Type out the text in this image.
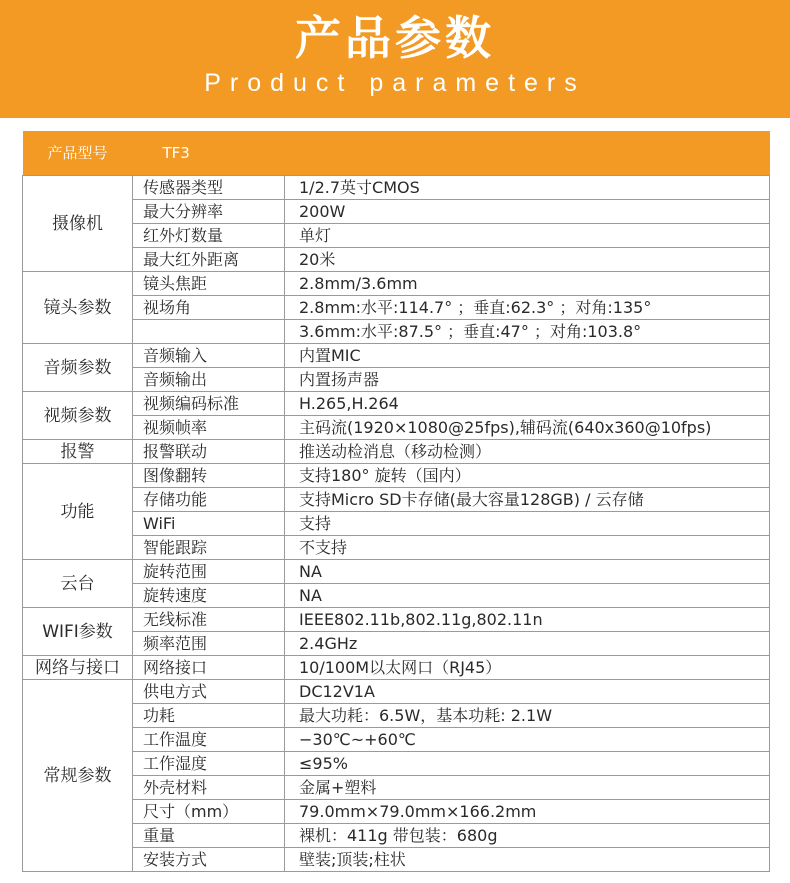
产品参数
Product parameters
产品型号	TF3	
摄像机	传感器类型	1/2.7英寸CMOS
	最大分辨率	200W
	红外灯数量	单灯
	最大红外距离	20米
镜头参数	镜头焦距	2.8mm/3.6mm
	视场角	2.8mm:水平:114.7° ；垂直:62.3° ；对角:135°
		3.6mm:水平:87.5° ；垂直:47° ；对角:103.8°
音频参数	音频输入	内置MIC
	音频输出	内置扬声器
视频参数	视频编码标准	H.265,H.264
	视频帧率	主码流(1920×1080@25fps),辅码流(640x360@10fps)
报警	报警联动	推送动检消息（移动检测）
功能	图像翻转	支持180° 旋转（国内）
	存储功能	支持Micro SD卡存储(最大容量128GB) / 云存储
	WiFi	支持
	智能跟踪	不支持
云台	旋转范围	NA
	旋转速度	NA
WIFI参数	无线标准	IEEE802.11b,802.11g,802.11n
	频率范围	2.4GHz
网络与接口	网络接口	10/100M以太网口（RJ45）
常规参数	供电方式	DC12V1A
	功耗	最大功耗：6.5W，基本功耗: 2.1W
	工作温度	−30℃~+60℃
	工作湿度	≤95%
	外壳材料	金属+塑料
	尺寸（mm）	79.0mm×79.0mm×166.2mm
	重量	裸机：411g 带包装：680g
	安装方式	壁装;顶装;柱状
